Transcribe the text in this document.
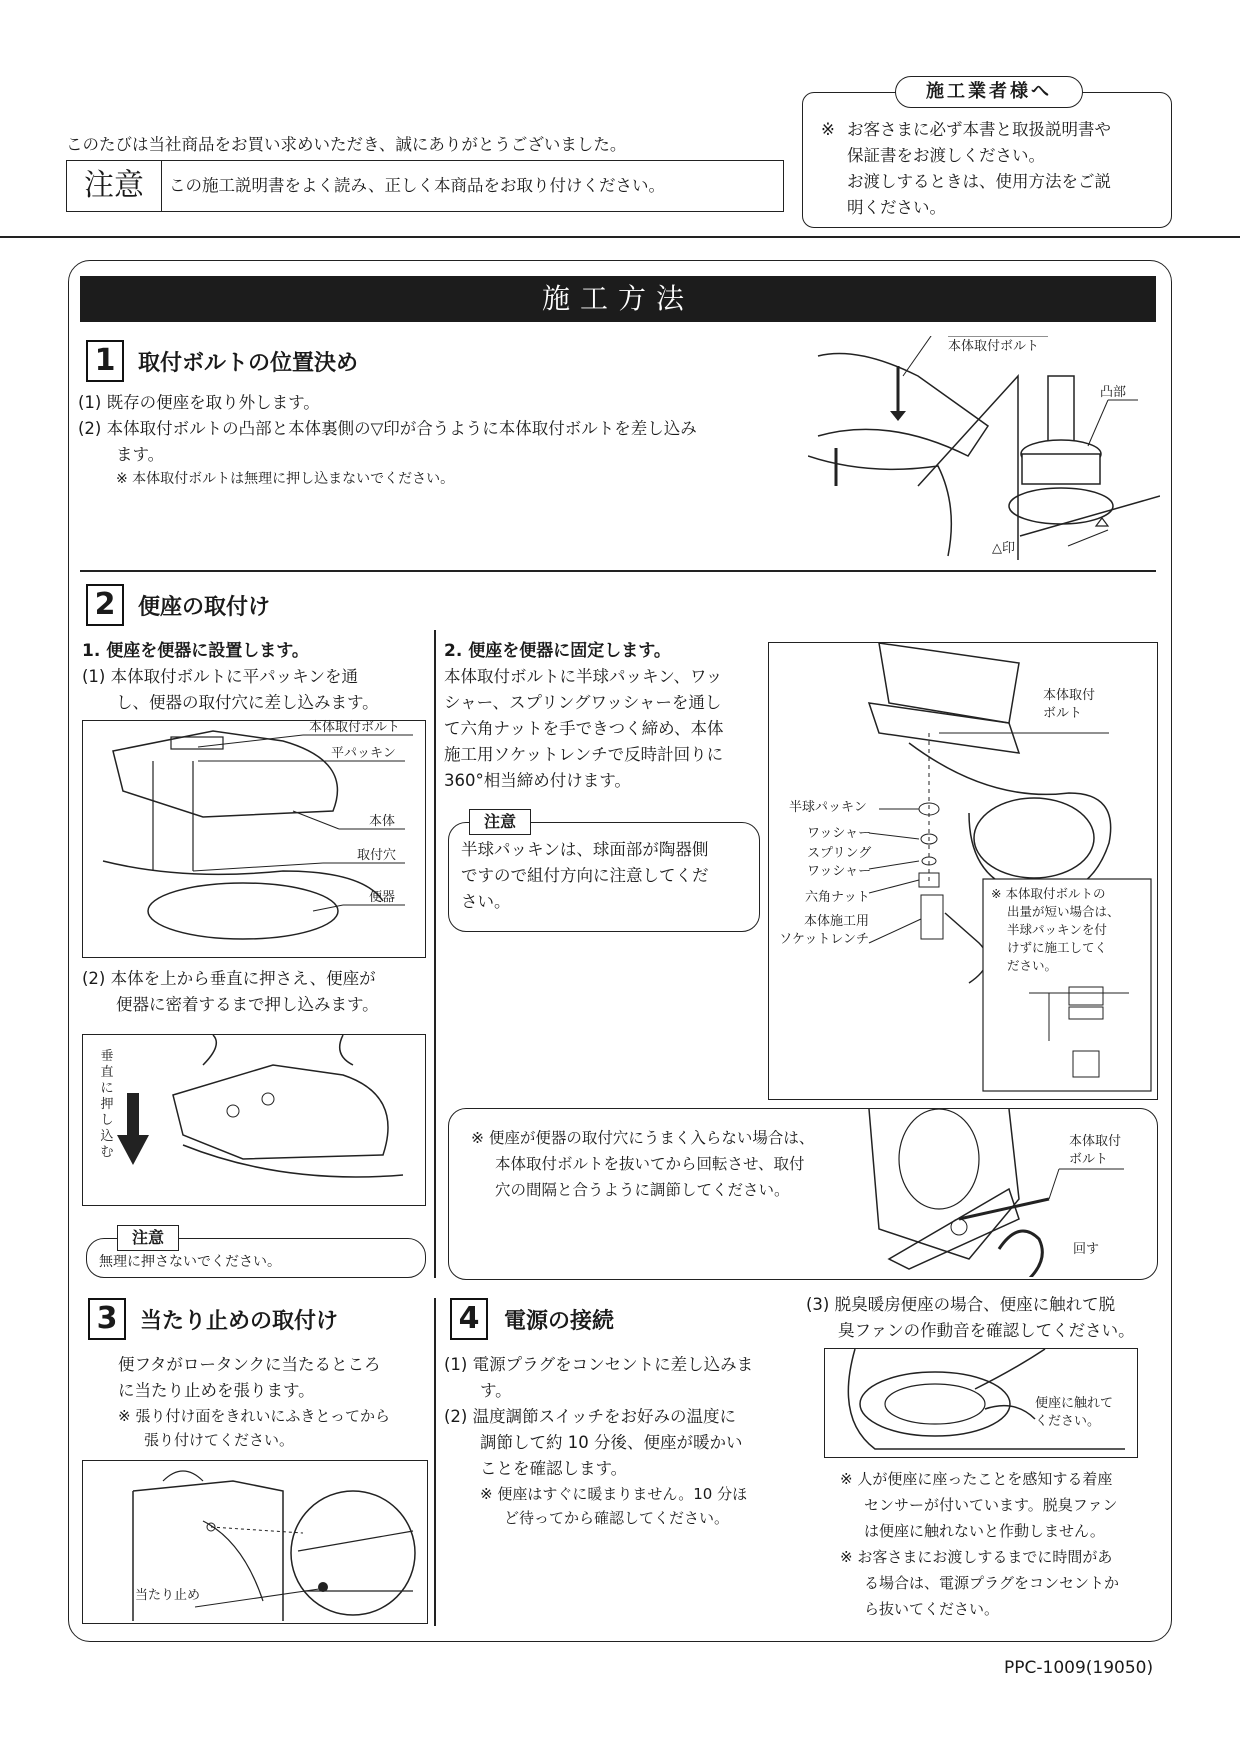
このたびは当社商品をお買い求めいただき、誠にありがとうございました。
注意	この施工説明書をよく読み、正しく本商品をお取り付けください。
施工業者様へ
※ お客さまに必ず本書と取扱説明書や
保証書をお渡しください。
お渡しするときは、使用方法をご説
明ください。
施工方法
1	取付ボルトの位置決め
(1) 既存の便座を取り外します。
(2) 本体取付ボルトの凸部と本体裏側の▽印が合うように本体取付ボルトを差し込み
ます。
※ 本体取付ボルトは無理に押し込まないでください。
本体取付ボルト
凸部
△印
2	便座の取付け
1. 便座を便器に設置します。
(1) 本体取付ボルトに平パッキンを通
し、便器の取付穴に差し込みます。
本体取付ボルト
平パッキン
本体
取付穴
便器
(2) 本体を上から垂直に押さえ、便座が
便器に密着するまで押し込みます。
垂
直
に
押
し
込
む
注意
無理に押さないでください。
2. 便座を便器に固定します。
本体取付ボルトに半球パッキン、ワッ
シャー、スプリングワッシャーを通し
て六角ナットを手できつく締め、本体
施工用ソケットレンチで反時計回りに
360°相当締め付けます。
注意
半球パッキンは、球面部が陶器側
ですので組付方向に注意してくだ
さい。
本体取付
ボルト
半球パッキン
ワッシャー
スプリング
ワッシャー
六角ナット
本体施工用
ソケットレンチ
※ 本体取付ボルトの
出量が短い場合は、
半球パッキンを付
けずに施工してく
ださい。
※ 便座が便器の取付穴にうまく入らない場合は、
本体取付ボルトを抜いてから回転させ、取付
穴の間隔と合うように調節してください。
本体取付
ボルト
回す
3	当たり止めの取付け
便フタがロータンクに当たるところ
に当たり止めを張ります。
※ 張り付け面をきれいにふきとってから
張り付けてください。
当たり止め
4	電源の接続
(1) 電源プラグをコンセントに差し込みま
す。
(2) 温度調節スイッチをお好みの温度に
調節して約 10 分後、便座が暖かい
ことを確認します。
※ 便座はすぐに暖まりません。10 分ほ
ど待ってから確認してください。
(3) 脱臭暖房便座の場合、便座に触れて脱
臭ファンの作動音を確認してください。
便座に触れて
ください。
※ 人が便座に座ったことを感知する着座
センサーが付いています。脱臭ファン
は便座に触れないと作動しません。
※ お客さまにお渡しするまでに時間があ
る場合は、電源プラグをコンセントか
ら抜いてください。
PPC-1009(19050)
